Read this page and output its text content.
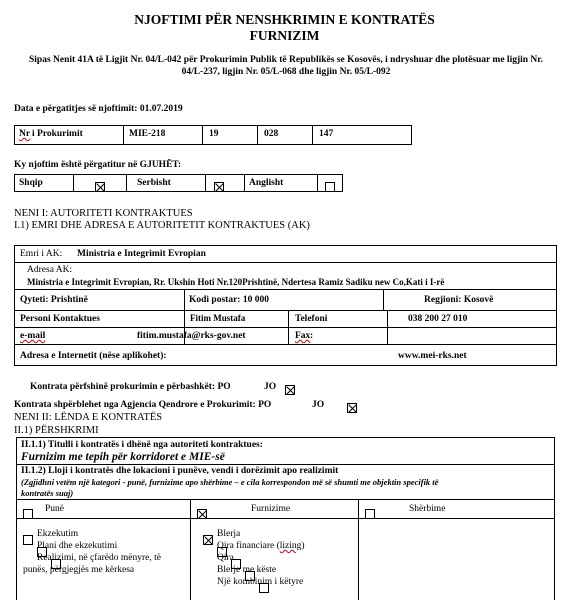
NJOFTIMI PËR NENSHKRIMIN E KONTRATËS
FURNIZIM
Sipas Nenit 41A të Ligjit Nr. 04/L-042 për Prokurimin Publik të Republikës se Kosovës, i ndryshuar dhe plotësuar me ligjin Nr.
04/L-237, ligjin Nr. 05/L-068 dhe ligjin Nr. 05/L-092
Data e përgatitjes së njoftimit: 01.07.2019
Nr i Prokurimit	MIE-218	19	028	147
Ky njoftim është përgatitur në GJUHËT:
Shqip	Serbisht	Anglisht
NENI I: AUTORITETI KONTRAKTUES
I.1) EMRI DHE ADRESA E AUTORITETIT KONTRAKTUES (AK)
Emri i AK: Ministria e Integrimit Evropian
Adresa AK:
Ministria e Integrimit Evropian, Rr. Ukshin Hoti Nr.120Prishtinë, Ndertesa Ramiz Sadiku new Co,Kati i I-rë
Qyteti: Prishtinë	Kodi postar: 10 000	Regjioni: Kosovë
Personi Kontaktues	Fitim Mustafa	Telefoni	038 200 27 010
e-mail	fitim.mustafa@rks-gov.net	Fax :
Adresa e Internetit (nëse aplikohet):	www.mei-rks.net
Kontrata përfshinë prokurimin e përbashkët: PO	JO

Kontrata shpërblehet nga Agjencia Qendrore e Prokurimit: PO	JO
NENI II: LËNDA E KONTRATËS
II.1) PËRSHKRIMI
II.1.1) Titulli i kontratës i dhënë nga autoriteti kontraktues:
Furnizim me tepih për korridoret e MIE-së
II.1.2) Lloji i kontratës dhe lokacioni i punëve, vendi i dorëzimit apo realizimit
(Zgjidhni vetëm një kategori - punë, furnizime apo shërbime – e cila korrespondon më së shumti me objektin specifik të
kontratës suaj)
Punë	Furnizime	Shërbime

Ekzekutim

Plani dhe ekzekutimi
Realizimi, në çfarëdo mënyre, të
punës, përgjegjës me kërkesa

Blerja

Qira financiare (lizing)

Qira

Blerje me këste
Një kombinim i këtyre
